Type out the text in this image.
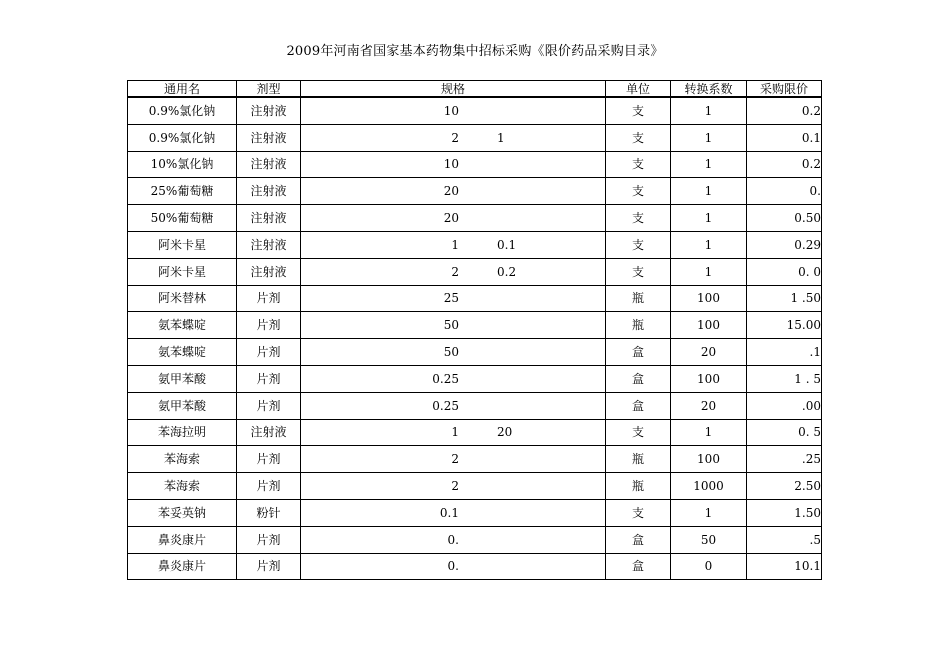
2009年河南省国家基本药物集中招标采购《限价药品采购目录》
通用名	剂型	规格	单位	转换系数	采购限价
0.9%氯化钠	注射液	10	支	1	0.2
0.9%氯化钠	注射液	2 1	支	1	0.1
10%氯化钠	注射液	10	支	1	0.2
25%葡萄糖	注射液	20	支	1	0.
50%葡萄糖	注射液	20	支	1	0.50
阿米卡星	注射液	1 0.1	支	1	0.29
阿米卡星	注射液	2 0.2	支	1	0. 0
阿米替林	片剂	25	瓶	100	1 .50
氨苯蝶啶	片剂	50	瓶	100	15.00
氨苯蝶啶	片剂	50	盒	20	.1
氨甲苯酸	片剂	0.25	盒	100	1 . 5
氨甲苯酸	片剂	0.25	盒	20	.00
苯海拉明	注射液	1 20	支	1	0. 5
苯海索	片剂	2	瓶	100	.25
苯海索	片剂	2	瓶	1000	2.50
苯妥英钠	粉针	0.1	支	1	1.50
鼻炎康片	片剂	0.	盒	50	.5
鼻炎康片	片剂	0.	盒	0	10.1
